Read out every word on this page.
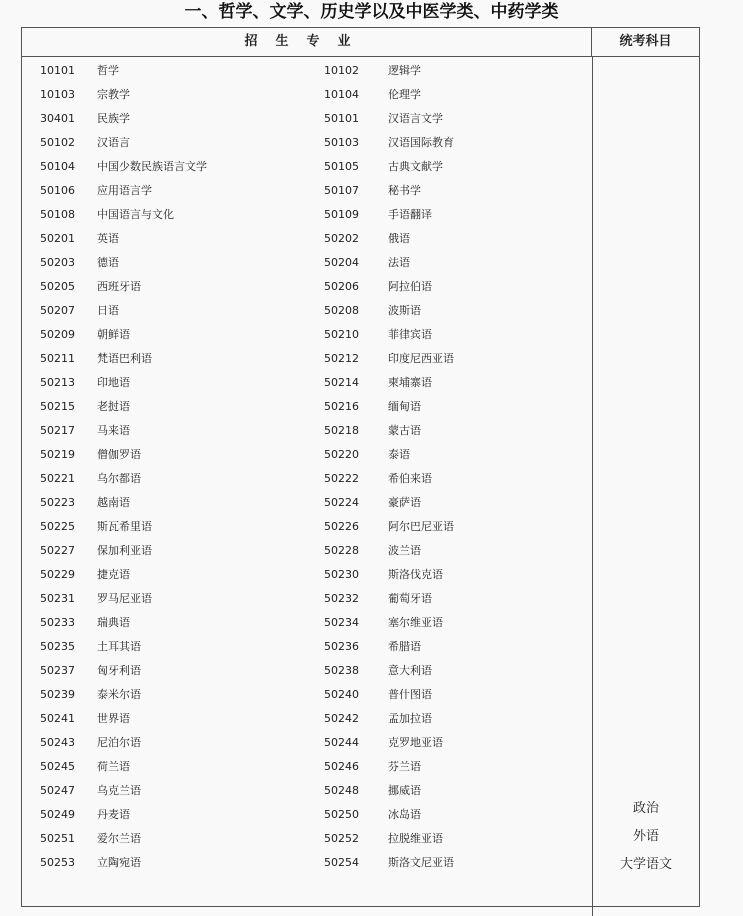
一、哲学、文学、历史学以及中医学类、中药学类
招生专业	统考科目
10101 哲学	10102	逻辑学
10103 宗教学	10104	伦理学
30401 民族学	50101	汉语言文学
50102 汉语言	50103	汉语国际教育
50104 中国少数民族语言文学	50105	古典文献学
50106 应用语言学	50107	秘书学
50108 中国语言与文化	50109	手语翻译
50201 英语	50202	俄语
50203 德语	50204	法语
50205 西班牙语	50206	阿拉伯语
50207 日语	50208	波斯语
50209 朝鲜语	50210	菲律宾语
50211 梵语巴利语	50212	印度尼西亚语
50213 印地语	50214	柬埔寨语
50215 老挝语	50216	缅甸语
50217 马来语	50218	蒙古语
50219 僧伽罗语	50220	泰语
50221 乌尔都语	50222	希伯来语
50223 越南语	50224	豪萨语
50225 斯瓦希里语	50226	阿尔巴尼亚语
50227 保加利亚语	50228	波兰语
50229 捷克语	50230	斯洛伐克语
50231 罗马尼亚语	50232	葡萄牙语
50233 瑞典语	50234	塞尔维亚语
50235 土耳其语	50236	希腊语
50237 匈牙利语	50238	意大利语
50239 泰米尔语	50240	普什图语
50241 世界语	50242	孟加拉语
50243 尼泊尔语	50244	克罗地亚语
50245 荷兰语	50246	芬兰语
50247 乌克兰语	50248	挪威语
50249 丹麦语	50250	冰岛语
50251 爱尔兰语	50252	拉脱维亚语
50253 立陶宛语	50254	斯洛文尼亚语
政治
外语
大学语文
